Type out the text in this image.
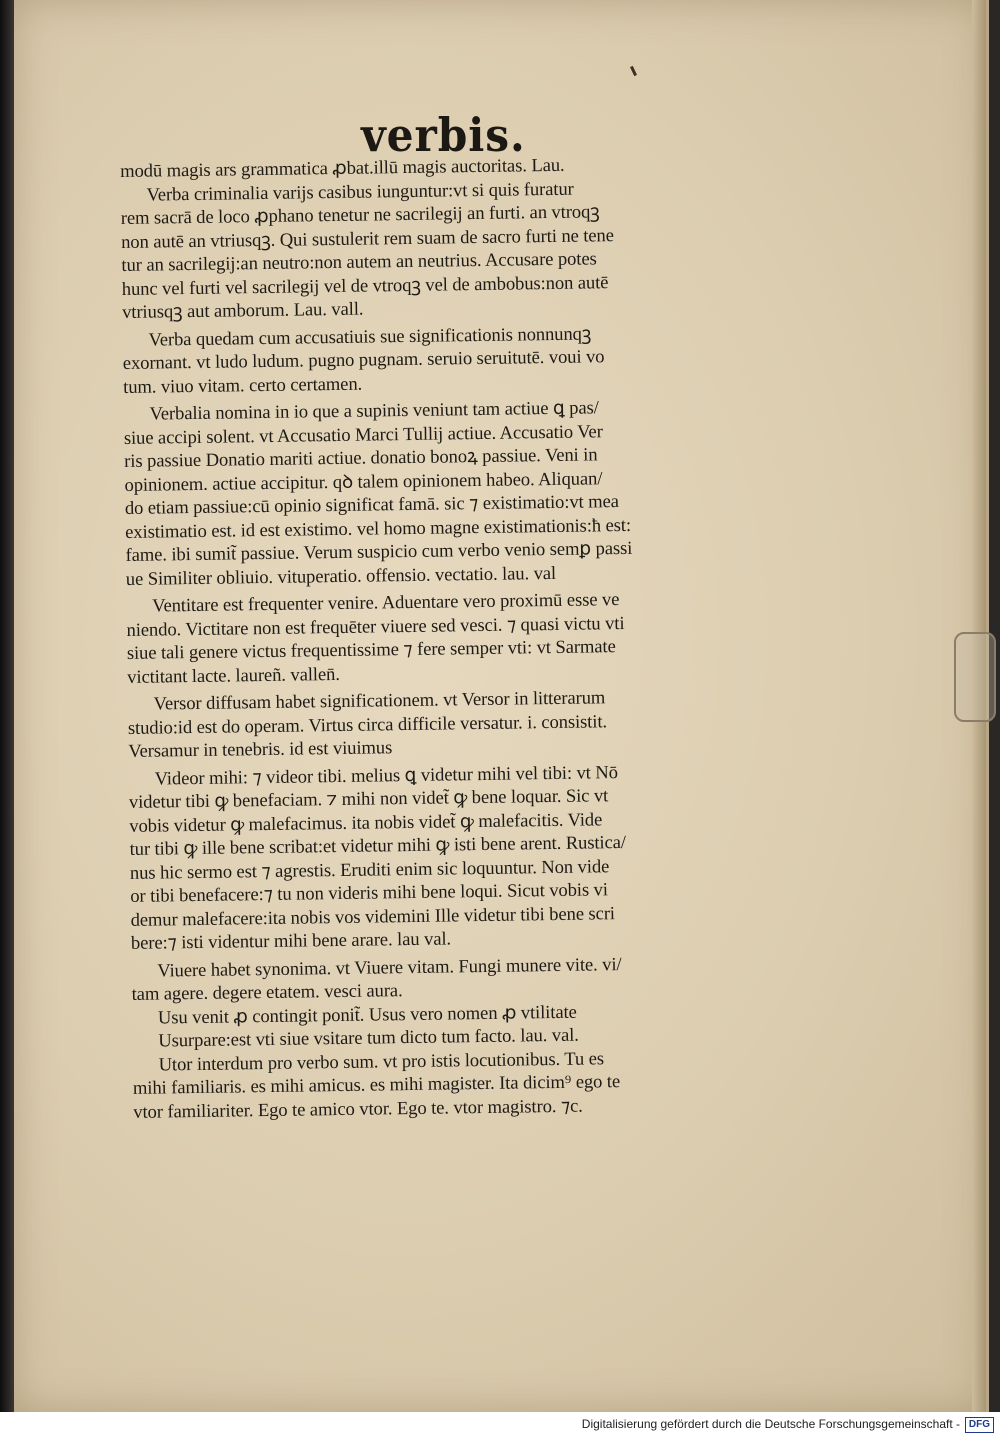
verbis.
modū magis ars grammatica ꝓbat.illū magis auctoritas. Lau.
Verba criminalia varijs casibus iunguntur:vt si quis furatur
rem sacrā de loco ꝓphano tenetur ne sacrilegij an furti. an vtroqꝫ
non autē an vtriusqꝫ. Qui sustulerit rem suam de sacro furti ne tene
tur an sacrilegij:an neutro:non autem an neutrius. Accusare potes
hunc vel furti vel sacrilegij vel de vtroqꝫ vel de ambobus:non autē
vtriusqꝫ aut amborum. Lau. vall.
Verba quedam cum accusatiuis sue significationis nonnunqꝫ
exornant. vt ludo ludum. pugno pugnam. seruio seruitutē. voui vo
tum. viuo vitam. certo certamen.
Verbalia nomina in io que a supinis veniunt tam actiue ꝗ pas/
siue accipi solent. vt Accusatio Marci Tullij actiue. Accusatio Ver
ris passiue Donatio mariti actiue. donatio bonoꝝ passiue. Veni in
opinionem. actiue accipitur. qꝺ talem opinionem habeo. Aliquan/
do etiam passiue:cū opinio significat famā. sic ⁊ existimatio:vt mea
existimatio est. id est existimo. vel homo magne existimationis:ħ est:
fame. ibi sumit̃ passiue. Verum suspicio cum verbo venio semꝑ passi
ue Similiter obliuio. vituperatio. offensio. vectatio. lau. val
Ventitare est frequenter venire. Aduentare vero proximū esse ve
niendo. Victitare non est frequēter viuere sed vesci. ⁊ quasi victu vti
siue tali genere victus frequentissime ⁊ fere semper vti: vt Sarmate
victitant lacte. laureñ. vallen̄.
Versor diffusam habet significationem. vt Versor in litterarum
studio:id est do operam. Virtus circa difficile versatur. i. consistit.
Versamur in tenebris. id est viuimus
Videor mihi: ⁊ videor tibi. melius ꝗ videtur mihi vel tibi: vt Nō
videtur tibi ꝙ benefaciam. ⁊ mihi non videt̃ ꝙ bene loquar. Sic vt
vobis videtur ꝙ malefacimus. ita nobis videt̃ ꝙ malefacitis. Vide
tur tibi ꝙ ille bene scribat:et videtur mihi ꝙ isti bene arent. Rustica/
nus hic sermo est ⁊ agrestis. Eruditi enim sic loquuntur. Non vide
or tibi benefacere:⁊ tu non videris mihi bene loqui. Sicut vobis vi
demur malefacere:ita nobis vos videmini Ille videtur tibi bene scri
bere:⁊ isti videntur mihi bene arare. lau val.
Viuere habet synonima. vt Viuere vitam. Fungi munere vite. vi/
tam agere. degere etatem. vesci aura.
Usu venit ꝓ contingit ponit̃. Usus vero nomen ꝓ vtilitate
Usurpare:est vti siue vsitare tum dicto tum facto. lau. val.
Utor interdum pro verbo sum. vt pro istis locutionibus. Tu es
mihi familiaris. es mihi amicus. es mihi magister. Ita dicim⁹ ego te
vtor familiariter. Ego te amico vtor. Ego te. vtor magistro. ⁊c.
Digitalisierung gefördert durch die Deutsche Forschungsgemeinschaft - DFG
